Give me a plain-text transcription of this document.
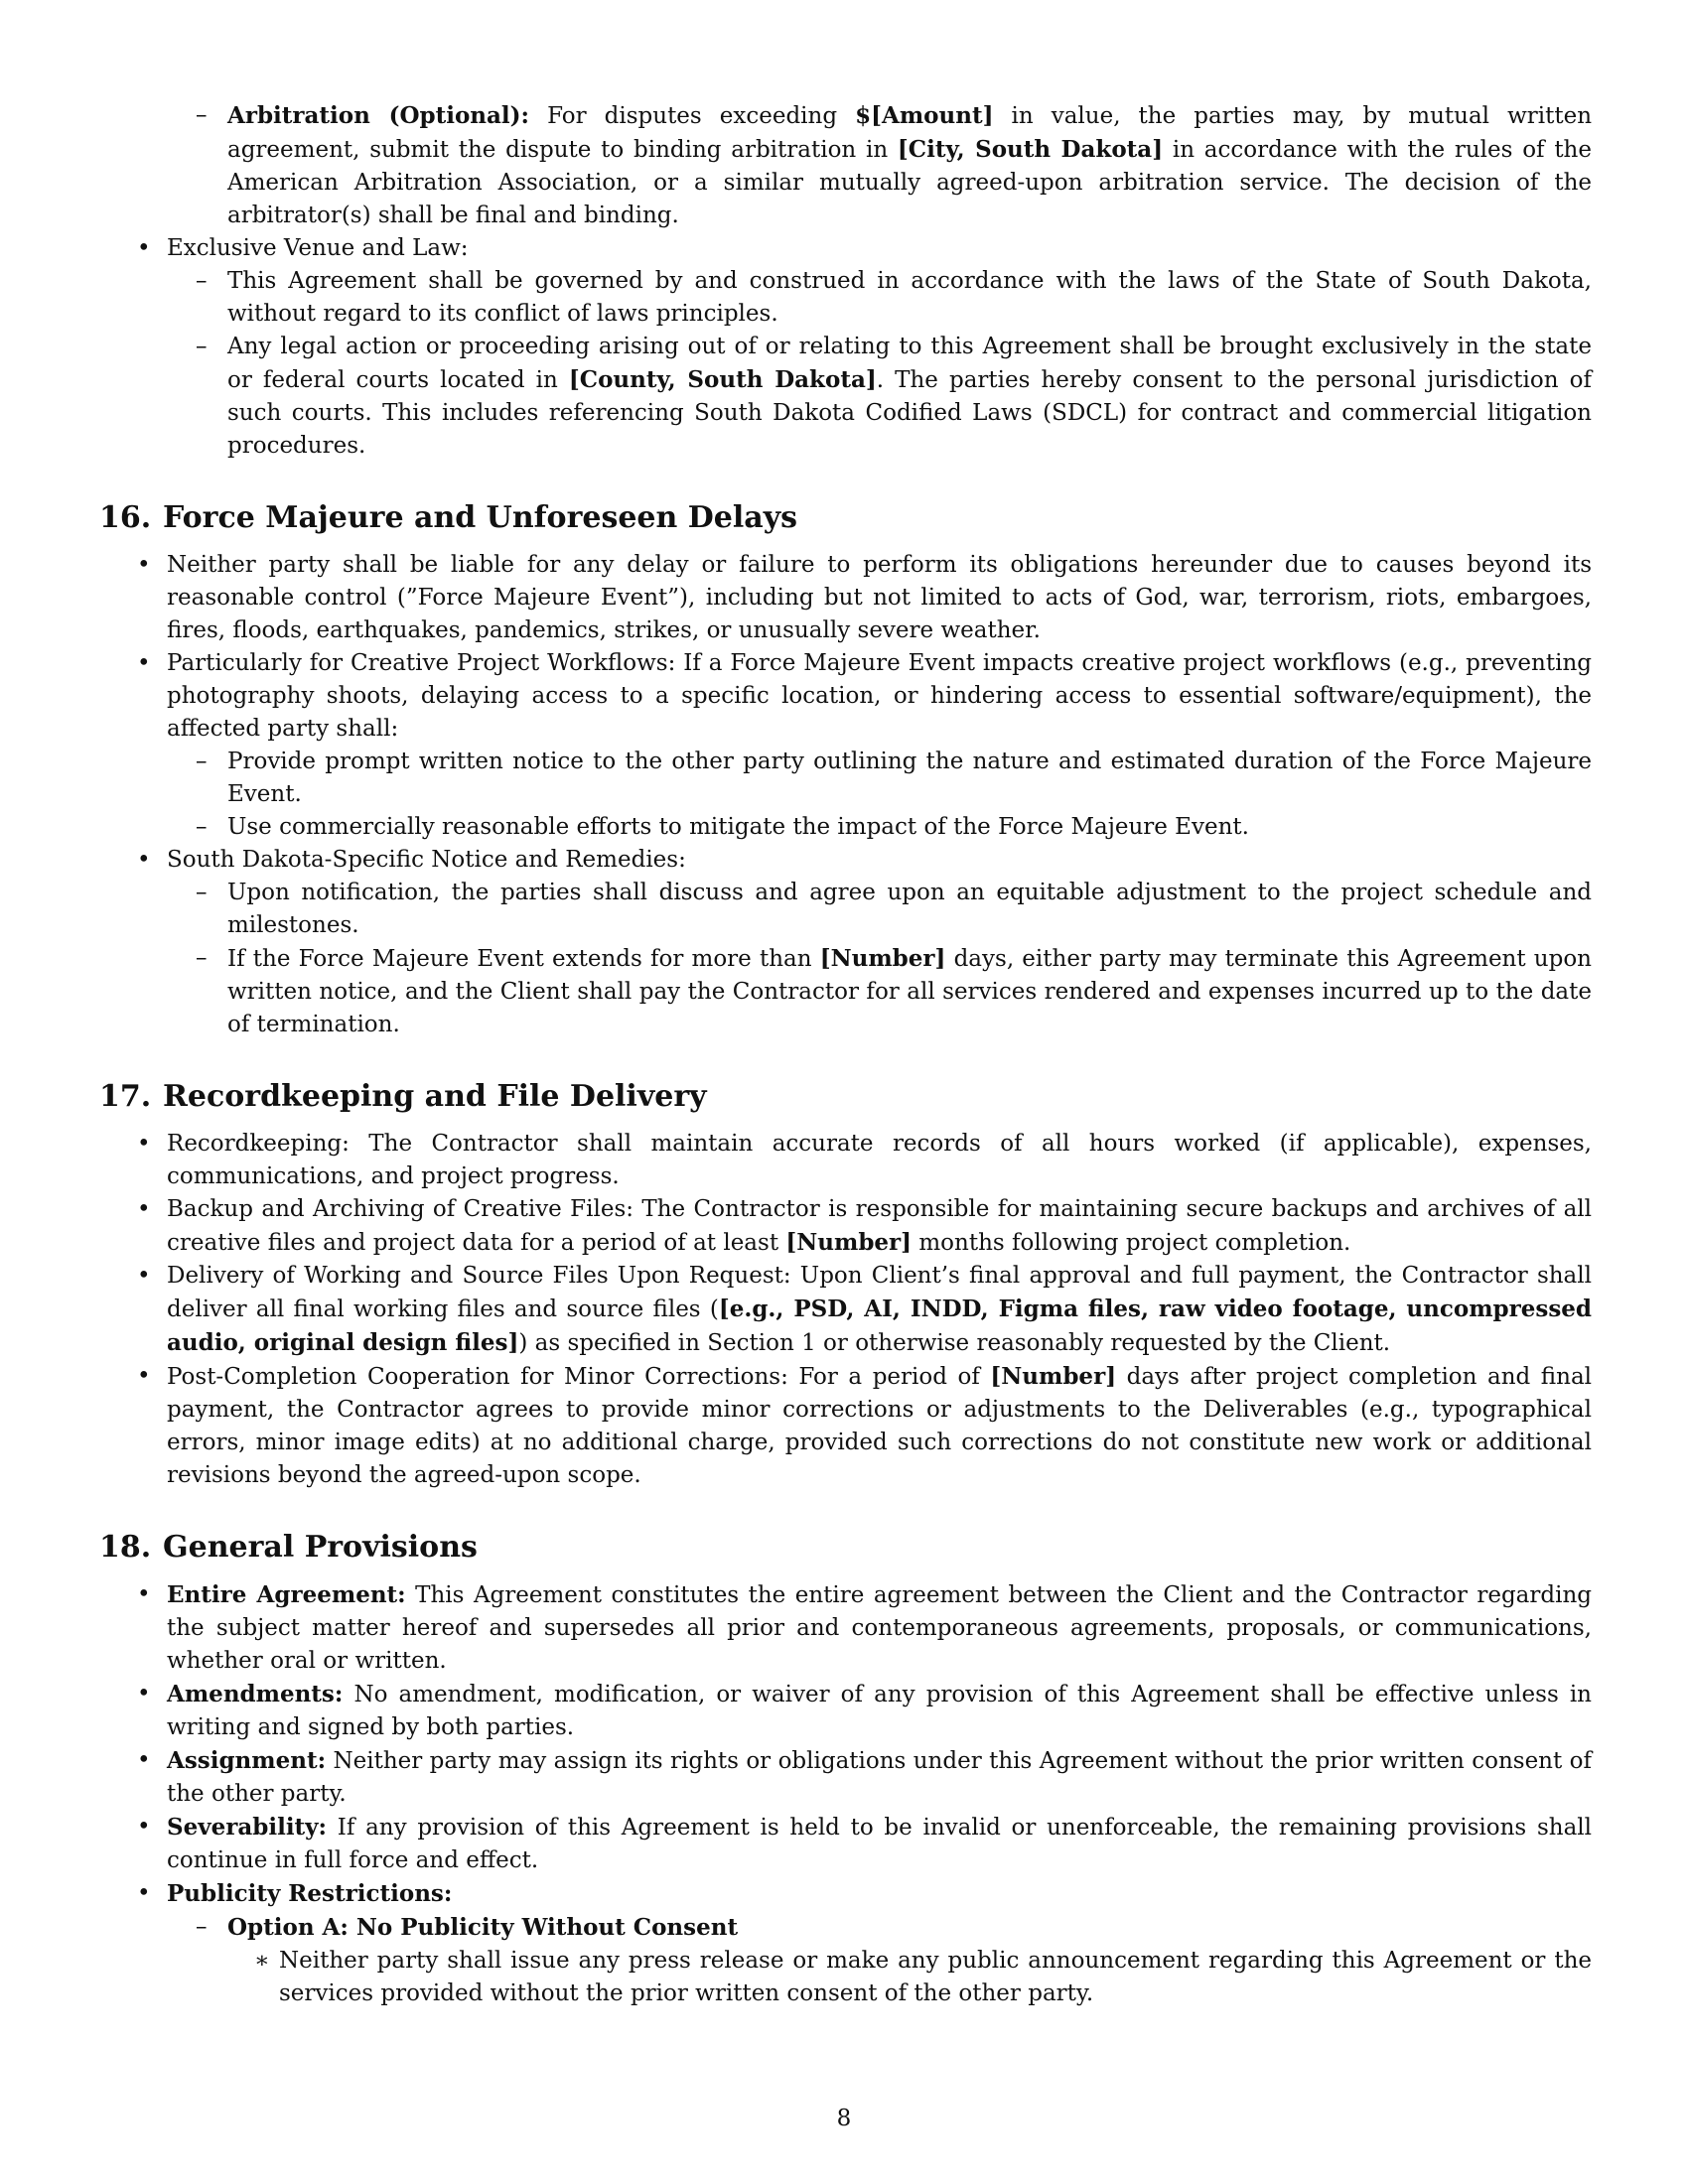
– Arbitration (Optional): For disputes exceeding $[Amount] in value, the parties may, by mutual written agreement, submit the dispute to binding arbitration in [City, South Dakota] in accordance with the rules of the American Arbitration Association, or a similar mutually agreed-upon arbitration service. The decision of the arbitrator(s) shall be final and binding.
• Exclusive Venue and Law:
– This Agreement shall be governed by and construed in accordance with the laws of the State of South Dakota, without regard to its conflict of laws principles.
– Any legal action or proceeding arising out of or relating to this Agreement shall be brought exclusively in the state or federal courts located in [County, South Dakota]. The parties hereby consent to the personal jurisdiction of such courts. This includes referencing South Dakota Codified Laws (SDCL) for contract and commercial litigation procedures.
16. Force Majeure and Unforeseen Delays
• Neither party shall be liable for any delay or failure to perform its obligations hereunder due to causes beyond its reasonable control (”Force Majeure Event”), including but not limited to acts of God, war, terrorism, riots, embargoes, fires, floods, earthquakes, pandemics, strikes, or unusually severe weather.
• Particularly for Creative Project Workflows: If a Force Majeure Event impacts creative project workflows (e.g., preventing photography shoots, delaying access to a specific location, or hindering access to essential software/equipment), the affected party shall:
– Provide prompt written notice to the other party outlining the nature and estimated duration of the Force Majeure Event.
– Use commercially reasonable efforts to mitigate the impact of the Force Majeure Event.
• South Dakota-Specific Notice and Remedies:
– Upon notification, the parties shall discuss and agree upon an equitable adjustment to the project schedule and milestones.
– If the Force Majeure Event extends for more than [Number] days, either party may terminate this Agreement upon written notice, and the Client shall pay the Contractor for all services rendered and expenses incurred up to the date of termination.
17. Recordkeeping and File Delivery
• Recordkeeping: The Contractor shall maintain accurate records of all hours worked (if applicable), expenses, communications, and project progress.
• Backup and Archiving of Creative Files: The Contractor is responsible for maintaining secure backups and archives of all creative files and project data for a period of at least [Number] months following project completion.
• Delivery of Working and Source Files Upon Request: Upon Client’s final approval and full payment, the Contractor shall deliver all final working files and source files ([e.g., PSD, AI, INDD, Figma files, raw video footage, uncompressed audio, original design files]) as specified in Section 1 or otherwise reasonably requested by the Client.
• Post-Completion Cooperation for Minor Corrections: For a period of [Number] days after project completion and final payment, the Contractor agrees to provide minor corrections or adjustments to the Deliverables (e.g., typographical errors, minor image edits) at no additional charge, provided such corrections do not constitute new work or additional revisions beyond the agreed-upon scope.
18. General Provisions
• Entire Agreement: This Agreement constitutes the entire agreement between the Client and the Contractor regarding the subject matter hereof and supersedes all prior and contemporaneous agreements, proposals, or communications, whether oral or written.
• Amendments: No amendment, modification, or waiver of any provision of this Agreement shall be effective unless in writing and signed by both parties.
• Assignment: Neither party may assign its rights or obligations under this Agreement without the prior written consent of the other party.
• Severability: If any provision of this Agreement is held to be invalid or unenforceable, the remaining provisions shall continue in full force and effect.
• Publicity Restrictions:
– Option A: No Publicity Without Consent
∗ Neither party shall issue any press release or make any public announcement regarding this Agreement or the services provided without the prior written consent of the other party.
8
